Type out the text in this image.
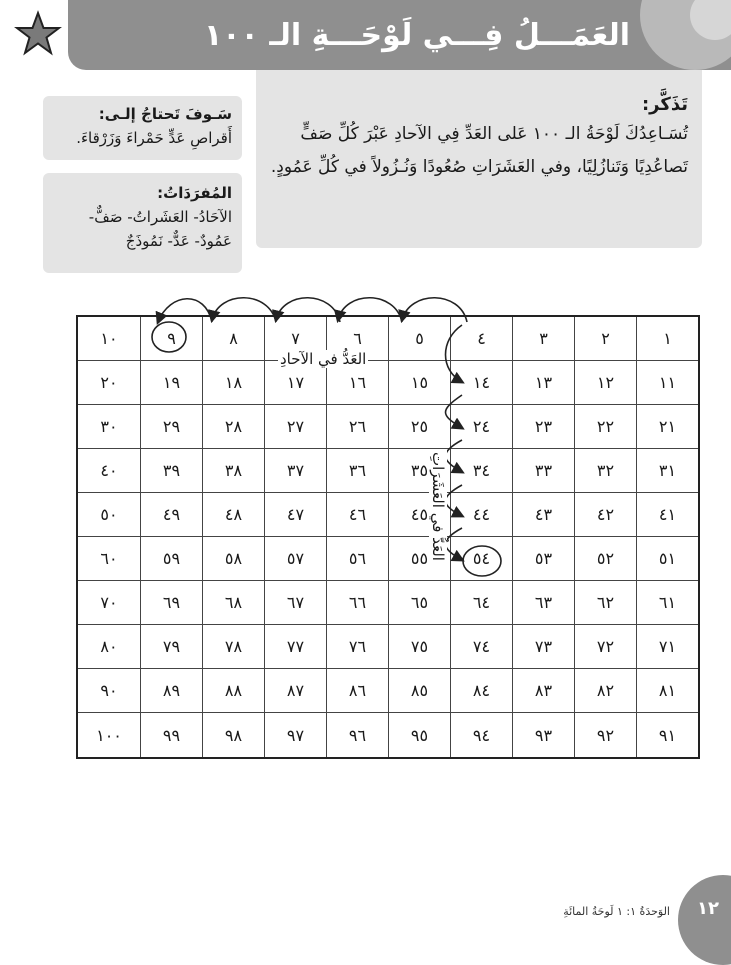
العَمَـــلُ فِـــي لَوْحَـــةِ الـ ١٠٠
سَـوفَ تَحتاجُ إلـى: أَقراصِ عَدٍّ حَمْراءَ وَزَرْقاءَ.
المُفرَدَاتُ:
الآحَادُ- العَشَراتُ- صَفٌّ- عَمُودٌ- عَدٌّ- نَمُوذَجٌ
تَذَكَّر:
تُسَـاعِدُكَ لَوْحَةُ الـ ١٠٠ عَلى العَدِّ فِي الآحادِ عَبْرَ كُلِّ صَفٍّ تَصاعُدِيًا وَتَنازُلِيًا، وفي العَشَرَاتِ صُعُودًا وَنُـزُولاً في كُلِّ عَمُودٍ.
١
٢
٣
٤
٥
٦
٧
٨
٩
١٠
١١
١٢
١٣
١٤
١٥
١٦
١٧
١٨
١٩
٢٠
٢١
٢٢
٢٣
٢٤
٢٥
٢٦
٢٧
٢٨
٢٩
٣٠
٣١
٣٢
٣٣
٣٤
٣٥
٣٦
٣٧
٣٨
٣٩
٤٠
٤١
٤٢
٤٣
٤٤
٤٥
٤٦
٤٧
٤٨
٤٩
٥٠
٥١
٥٢
٥٣
٥٤
٥٥
٥٦
٥٧
٥٨
٥٩
٦٠
٦١
٦٢
٦٣
٦٤
٦٥
٦٦
٦٧
٦٨
٦٩
٧٠
٧١
٧٢
٧٣
٧٤
٧٥
٧٦
٧٧
٧٨
٧٩
٨٠
٨١
٨٢
٨٣
٨٤
٨٥
٨٦
٨٧
٨٨
٨٩
٩٠
٩١
٩٢
٩٣
٩٤
٩٥
٩٦
٩٧
٩٨
٩٩
١٠٠
العَدُّ في الآحادِ
العَدُّ في العَشَرَاتِ
١٢
الوَحدَةُ ١: ١ لَوحَةُ المائَةِ
